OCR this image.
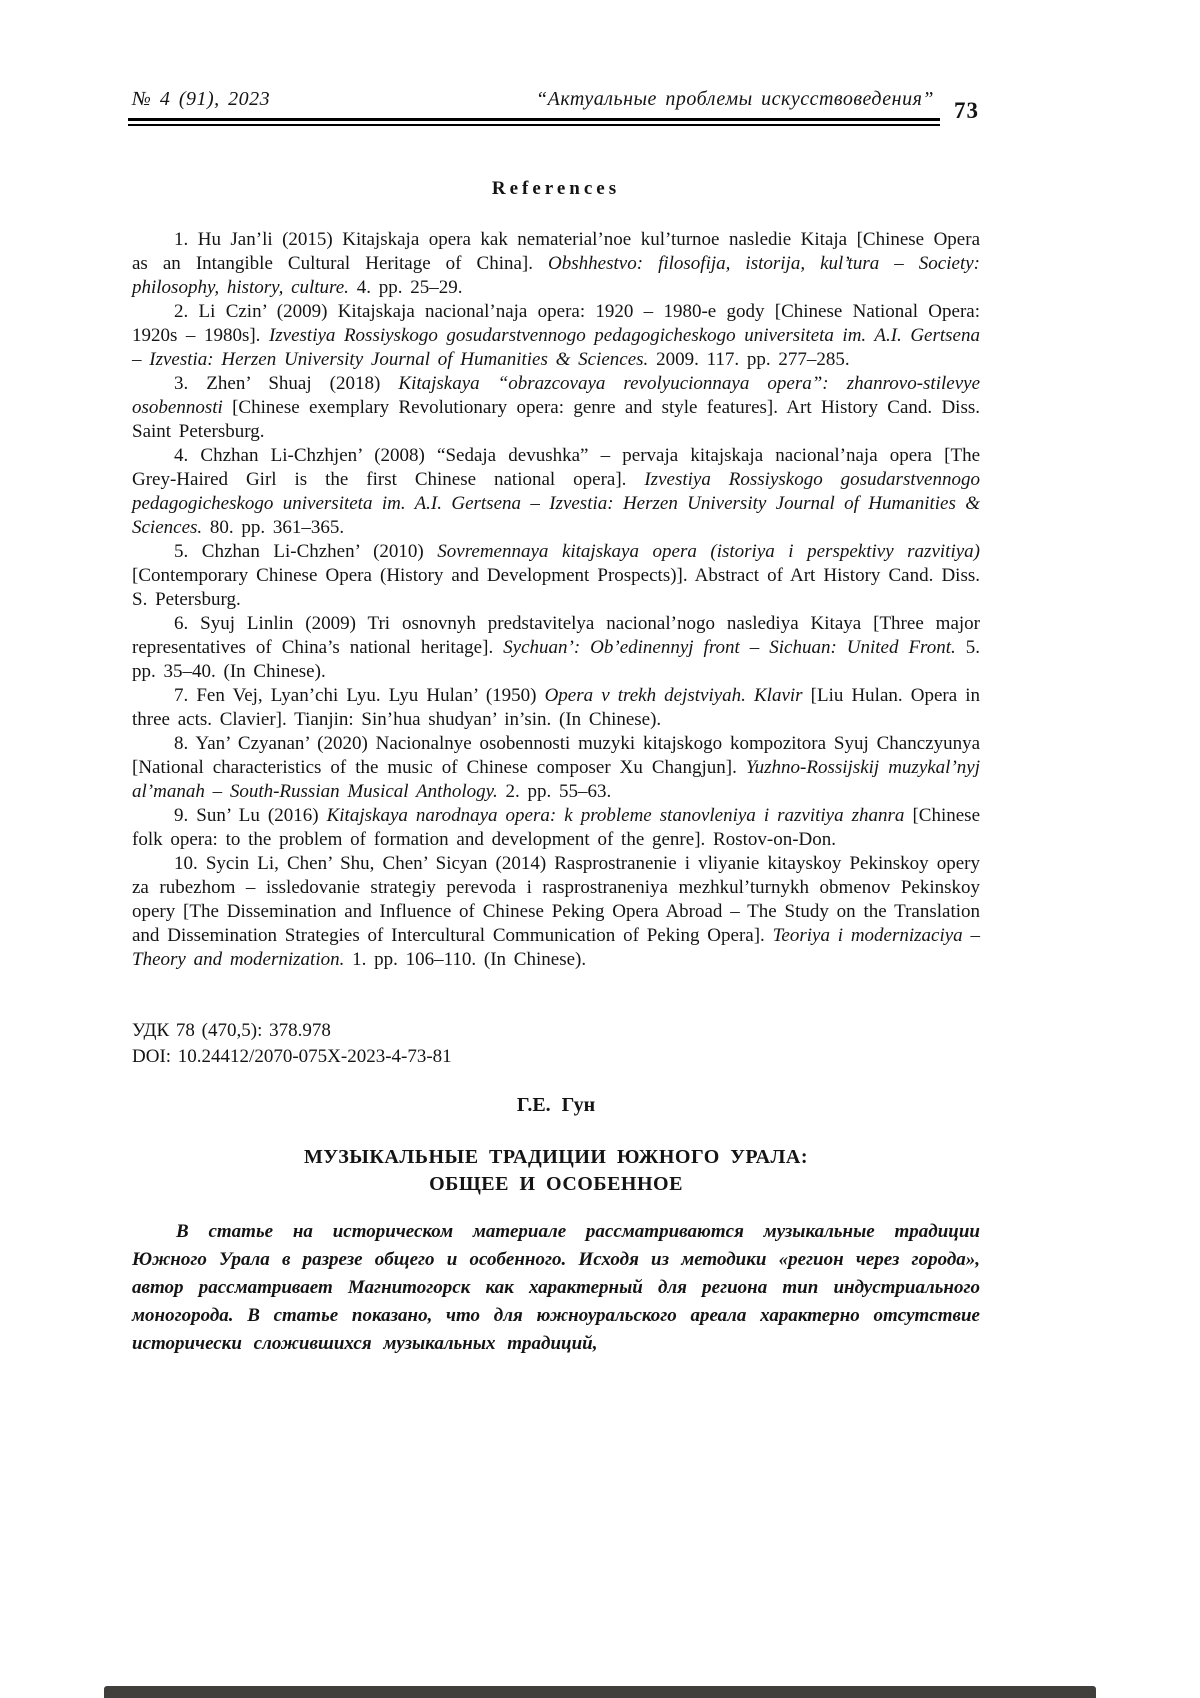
№ 4 (91), 2023	“Актуальные проблемы искусствоведения” 73
References

1. Hu Jan’li (2015) Kitajskaja opera kak nematerial’noe kul’turnoe nasledie Kitaja [Chinese Opera as an Intangible Cultural Heritage of China]. Obshhestvo: filosofija, istorija, kul’tura – Society: philosophy, history, culture. 4. pp. 25–29.

2. Li Czin’ (2009) Kitajskaja nacional’naja opera: 1920 – 1980-e gody [Chinese National Opera: 1920s – 1980s]. Izvestiya Rossiyskogo gosudarstvennogo pedagogicheskogo universiteta im. A.I. Gertsena – Izvestia: Herzen University Journal of Humanities & Sciences. 2009. 117. pp. 277–285.

3. Zhen’ Shuaj (2018) Kitajskaya “obrazcovaya revolyucionnaya opera”: zhanrovo-stilevye osobennosti [Chinese exemplary Revolutionary opera: genre and style features]. Art History Cand. Diss. Saint Petersburg.

4. Chzhan Li-Chzhjen’ (2008) “Sedaja devushka” – pervaja kitajskaja nacional’naja opera [The Grey-Haired Girl is the first Chinese national opera]. Izvestiya Rossiyskogo gosudarstvennogo pedagogicheskogo universiteta im. A.I. Gertsena – Izvestia: Herzen University Journal of Humanities & Sciences. 80. pp. 361–365.

5. Chzhan Li-Chzhen’ (2010) Sovremennaya kitajskaya opera (istoriya i perspektivy razvitiya) [Contemporary Chinese Opera (History and Development Prospects)]. Abstract of Art History Cand. Diss. S. Petersburg.

6. Syuj Linlin (2009) Tri osnovnyh predstavitelya nacional’nogo naslediya Kitaya [Three major representatives of China’s national heritage]. Sychuan’: Ob’edinennyj front – Sichuan: United Front. 5. pp. 35–40. (In Chinese).

7. Fen Vej, Lyan’chi Lyu. Lyu Hulan’ (1950) Opera v trekh dejstviyah. Klavir [Liu Hulan. Opera in three acts. Clavier]. Tianjin: Sin’hua shudyan’ in’sin. (In Chinese).

8. Yan’ Czyanan’ (2020) Nacionalnye osobennosti muzyki kitajskogo kompozitora Syuj Chanczyunya [National characteristics of the music of Chinese composer Xu Changjun]. Yuzhno-Rossijskij muzykal’nyj al’manah – South-Russian Musical Anthology. 2. pp. 55–63.

9. Sun’ Lu (2016) Kitajskaya narodnaya opera: k probleme stanovleniya i razvitiya zhanra [Chinese folk opera: to the problem of formation and development of the genre]. Rostov-on-Don.

10. Sycin Li, Chen’ Shu, Chen’ Sicyan (2014) Rasprostranenie i vliyanie kitayskoy Pekinskoy opery za rubezhom – issledovanie strategiy perevoda i rasprostraneniya mezhkul’turnykh obmenov Pekinskoy opery [The Dissemination and Influence of Chinese Peking Opera Abroad – The Study on the Translation and Dissemination Strategies of Intercultural Communication of Peking Opera]. Teoriya i modernizaciya – Theory and modernization. 1. pp. 106–110. (In Chinese).

УДК 78 (470,5): 378.978
DOI: 10.24412/2070-075X-2023-4-73-81
Г.Е. Гун
МУЗЫКАЛЬНЫЕ ТРАДИЦИИ ЮЖНОГО УРАЛА:
ОБЩЕЕ И ОСОБЕННОЕ

В статье на историческом материале рассматриваются музыкальные традиции Южного Урала в разрезе общего и особенного. Исходя из методики «регион через города», автор рассматривает Магнитогорск как характерный для региона тип индустриального моногорода. В статье показано, что для южноуральского ареала характерно отсутствие исторически сложившихся музыкальных традиций,
